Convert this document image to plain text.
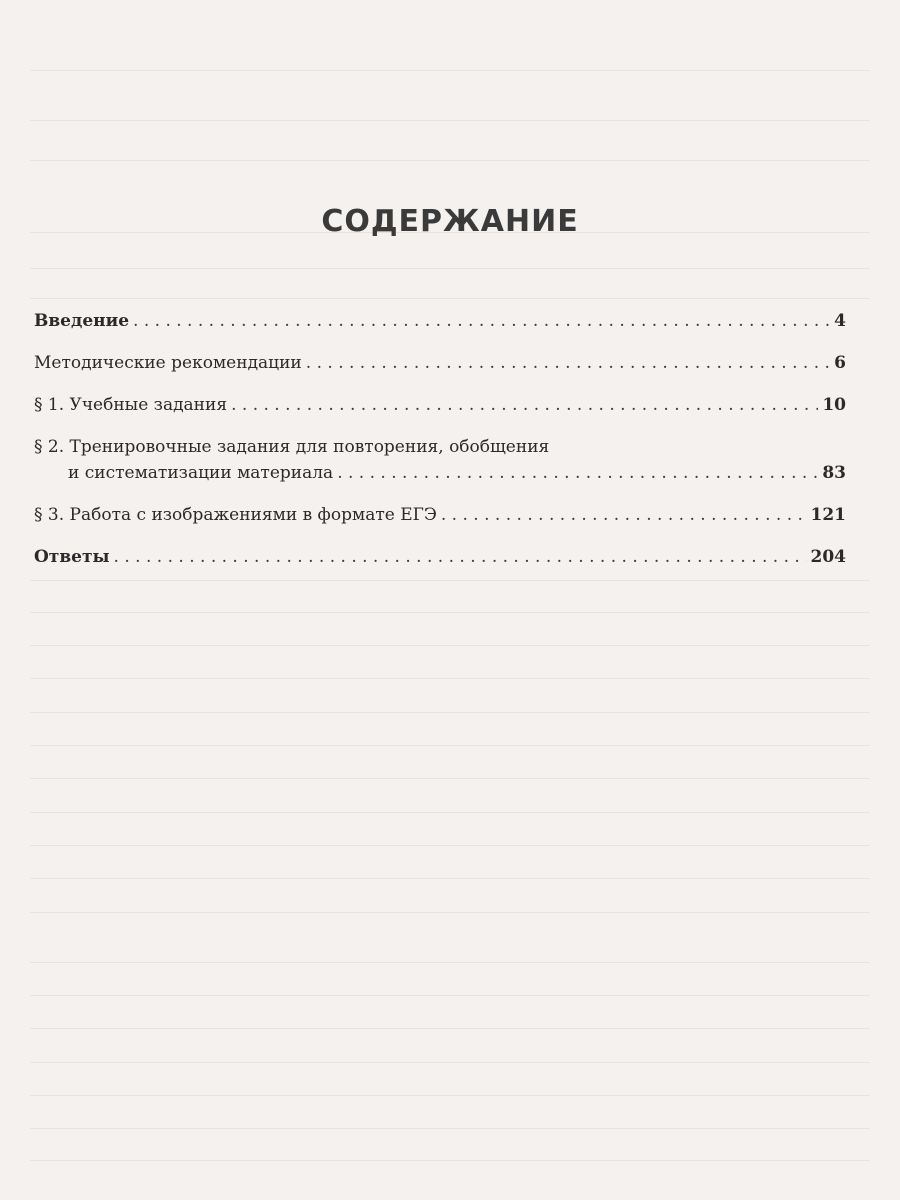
СОДЕРЖАНИЕ
Введение . . .	4
Методические рекомендации . . .	6
§ 1. Учебные задания . . .	10
§ 2. Тренировочные задания для повторения, обобщения
и систематизации материала . . .	83
§ 3. Работа с изображениями в формате ЕГЭ . . .	121
Ответы . . .	204
